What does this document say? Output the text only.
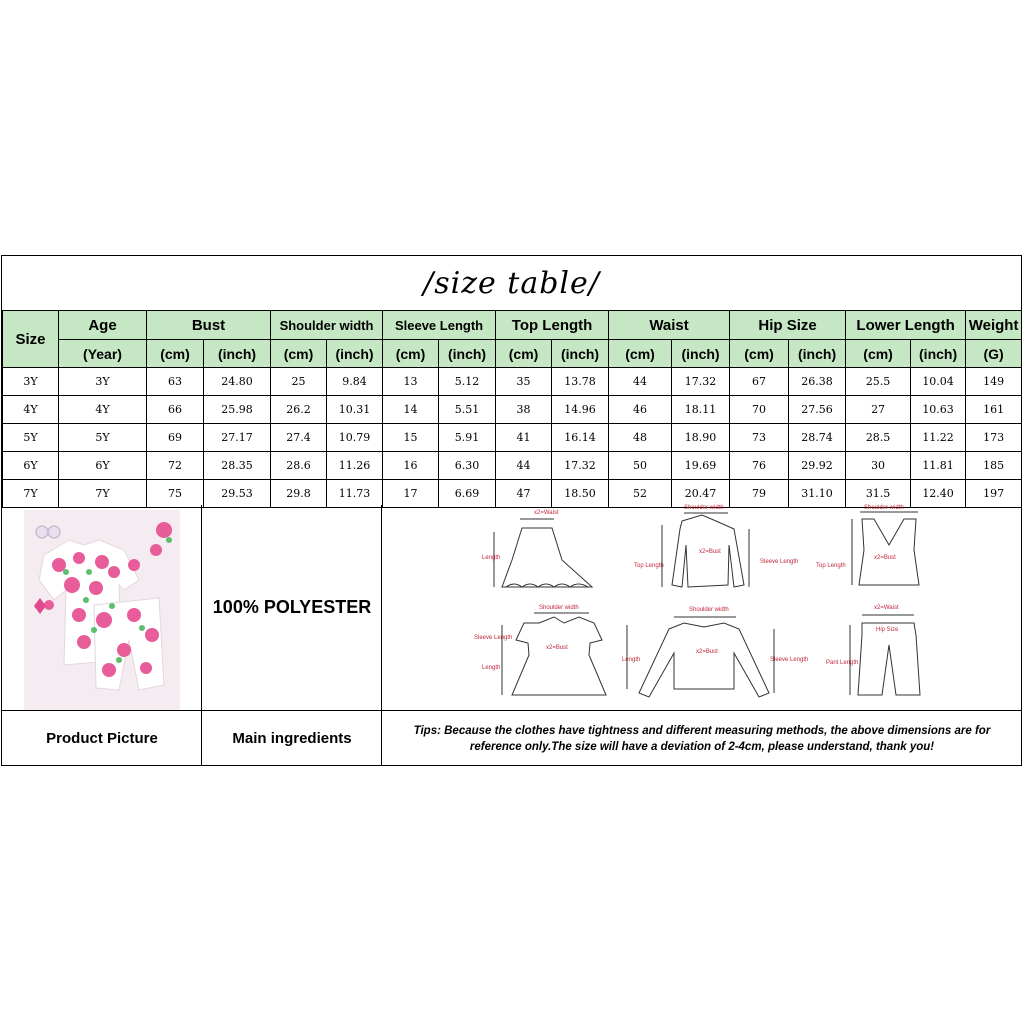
/size table/
Size	Age	Bust		Shoulder width		Sleeve Length		Top Length		Waist		Hip Size		Lower Length		Weight
	(Year)	(cm)	(inch)	(cm)	(inch)	(cm)	(inch)	(cm)	(inch)	(cm)	(inch)	(cm)	(inch)	(cm)	(inch)	(G)
3Y	3Y	63	24.80	25	9.84	13	5.12	35	13.78	44	17.32	67	26.38	25.5	10.04	149
4Y	4Y	66	25.98	26.2	10.31	14	5.51	38	14.96	46	18.11	70	27.56	27	10.63	161
5Y	5Y	69	27.17	27.4	10.79	15	5.91	41	16.14	48	18.90	73	28.74	28.5	11.22	173
6Y	6Y	72	28.35	28.6	11.26	16	6.30	44	17.32	50	19.69	76	29.92	30	11.81	185
7Y	7Y	75	29.53	29.8	11.73	17	6.69	47	18.50	52	20.47	79	31.10	31.5	12.40	197
100% POLYESTER
x2=Waist
Length
Shoulder width
x2=Bust
Top Length
Sleeve Length
Shoulder width
x2=Bust
Top Length
Shoulder width
Sleeve Length
x2=Bust
Length
Shoulder width
x2=Bust
Length	Sleeve Length
x2=Waist
Hip Size
Pant Length
Product Picture	Main ingredients	Tips: Because the clothes have tightness and different measuring methods, the above dimensions are for reference only.The size will have a deviation of 2-4cm, please understand, thank you!
